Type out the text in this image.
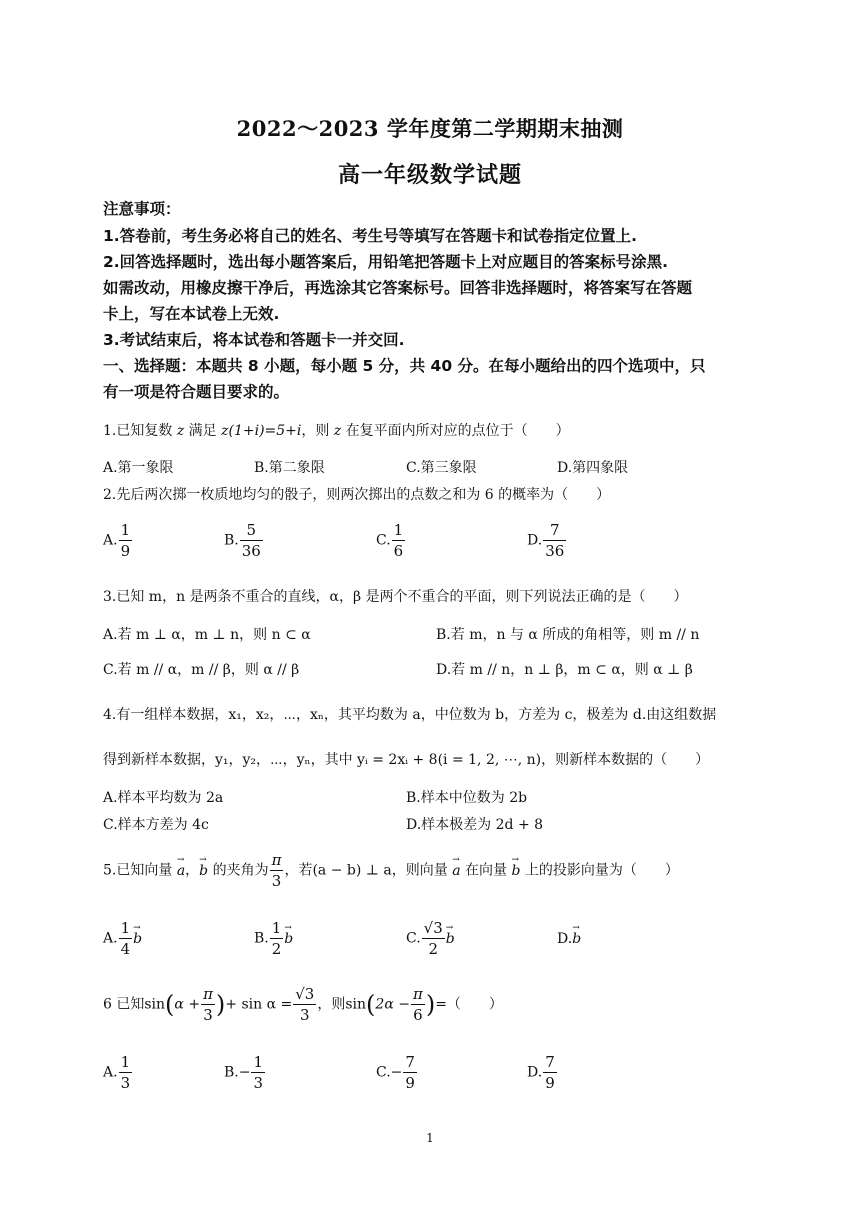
2022～2023 学年度第二学期期末抽测
高一年级数学试题
注意事项：
1.答卷前，考生务必将自己的姓名、考生号等填写在答题卡和试卷指定位置上.
2.回答选择题时，选出每小题答案后，用铅笔把答题卡上对应题目的答案标号涂黑.
如需改动，用橡皮擦干净后，再选涂其它答案标号。回答非选择题时，将答案写在答题
卡上，写在本试卷上无效.
3.考试结束后，将本试卷和答题卡一并交回.
一、选择题：本题共 8 小题，每小题 5 分，共 40 分。在每小题给出的四个选项中，只
有一项是符合题目要求的。
1.已知复数 z 满足 z(1+i)=5+i，则 z 在复平面内所对应的点位于（　　）
A.第一象限	B.第二象限	C.第三象限	D.第四象限
2.先后两次掷一枚质地均匀的骰子，则两次掷出的点数之和为 6 的概率为（　　）
A. $\frac{1}{9}$	B. $\frac{5}{36}$	C. $\frac{1}{6}$	D. $\frac{7}{36}$
3.已知 m，n 是两条不重合的直线，α，β 是两个不重合的平面，则下列说法正确的是（　　）
A.若 m ⊥ α，m ⊥ n，则 n ⊂ α	B.若 m，n 与 α 所成的角相等，则 m // n
C.若 m // α，m // β，则 α // β	D.若 m // n，n ⊥ β，m ⊂ α，则 α ⊥ β
4.有一组样本数据，x₁，x₂，⋯，xₙ，其平均数为 a，中位数为 b，方差为 c，极差为 d.由这组数据
得到新样本数据，y₁，y₂，⋯，yₙ，其中 yᵢ = 2xᵢ + 8(i = 1, 2, ⋯, n)，则新样本数据的（　　）
A.样本平均数为 2a	B.样本中位数为 2b
C.样本方差为 4c	D.样本极差为 2d + 8
5.已知向量 → a，→ b 的夹角为 $\frac{\pi}{3}$ ，若(a − b) ⊥ a，则向量 → a 在向量 → b 上的投影向量为（　　）
A. $\frac{1}{4}$
→ b	B. $\frac{1}{2}$
→ b	C. $\frac{√3}{2}$
→ b	D.→ b
6 已知$\sin(\alpha + \frac{\pi}{3}$ )+ $\sin \alpha = \frac{√3}{3}$ ，则$\sin(2\alpha - \frac{\pi}{6}$ )=（　　）
A. $\frac{1}{3}$	$B.- \frac{1}{3}$	$C.- \frac{7}{9}$	D. $\frac{7}{9}$
1
